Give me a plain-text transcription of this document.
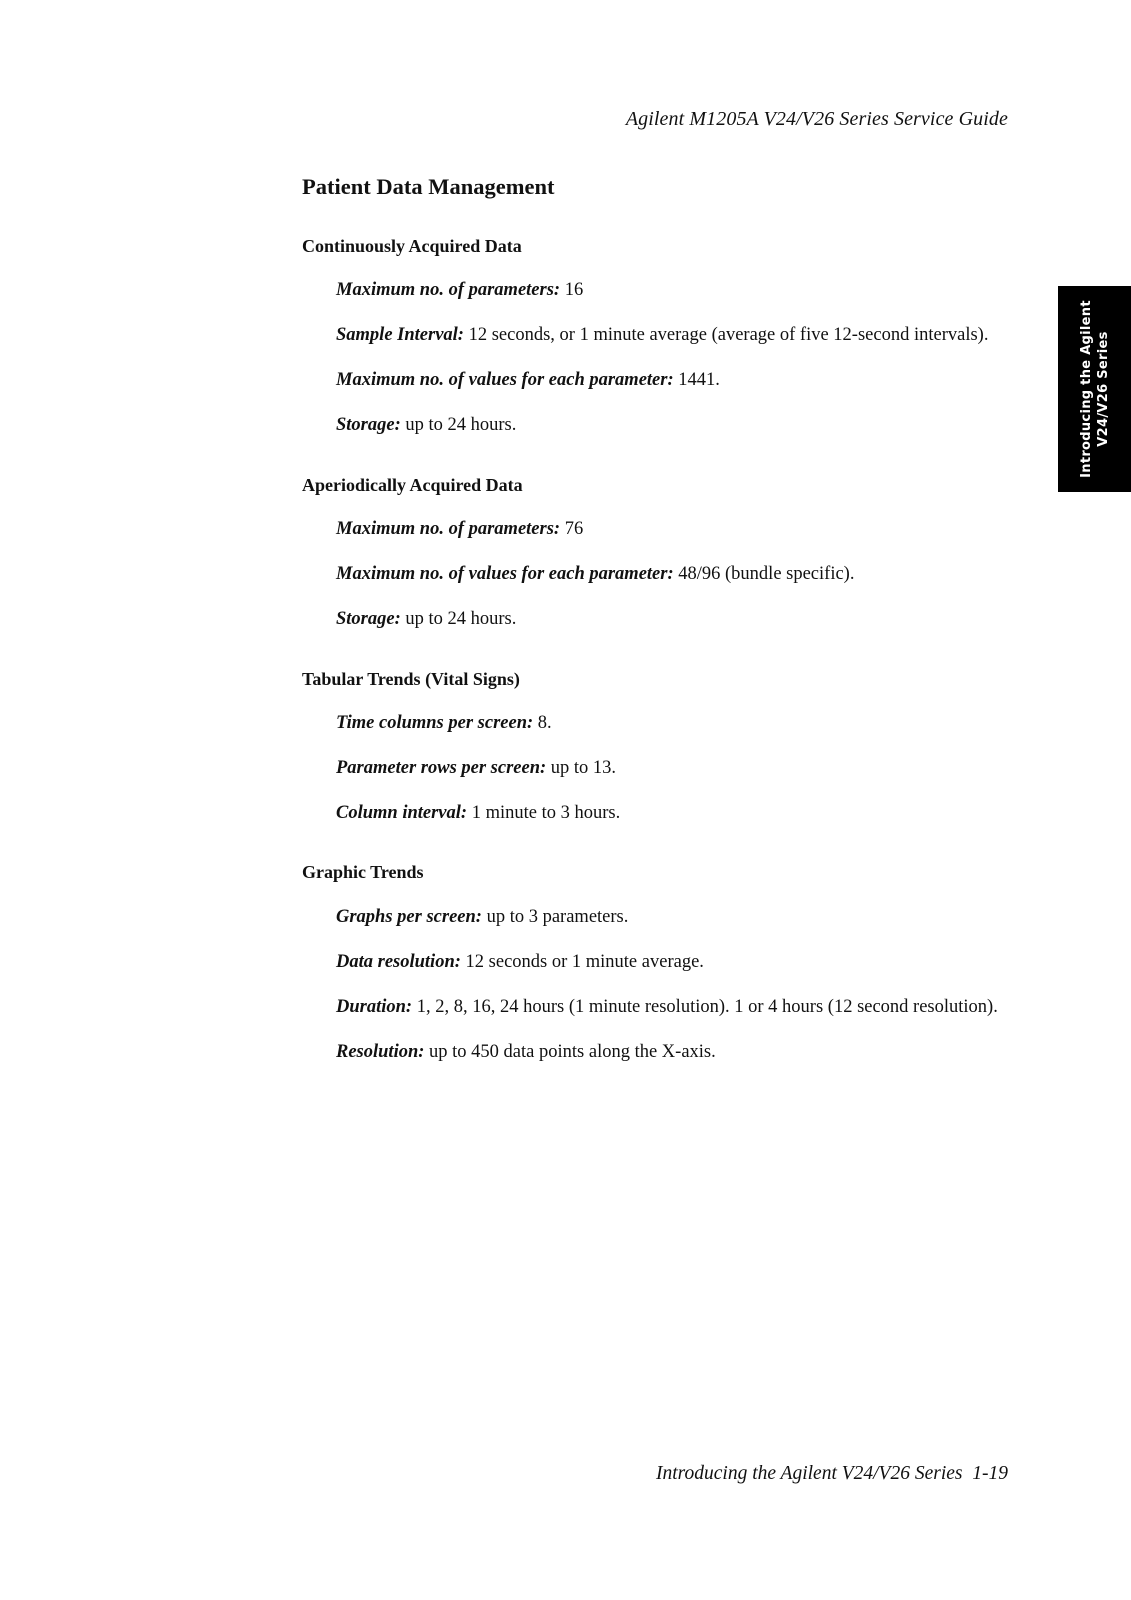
Agilent M1205A V24/V26 Series Service Guide
Patient Data Management
Continuously Acquired Data

Maximum no. of parameters: 16

Sample Interval: 12 seconds, or 1 minute average (average of five 12-second intervals).

Maximum no. of values for each parameter: 1441.

Storage: up to 24 hours.

Aperiodically Acquired Data

Maximum no. of parameters: 76

Maximum no. of values for each parameter: 48/96 (bundle specific).

Storage: up to 24 hours.

Tabular Trends (Vital Signs)

Time columns per screen: 8.

Parameter rows per screen: up to 13.

Column interval: 1 minute to 3 hours.

Graphic Trends

Graphs per screen: up to 3 parameters.

Data resolution: 12 seconds or 1 minute average.

Duration: 1, 2, 8, 16, 24 hours (1 minute resolution). 1 or 4 hours (12 second resolution).

Resolution: up to 450 data points along the X-axis.

Introducing the Agilent V24/V26 Series
Introducing the Agilent V24/V26 Series  1-19
